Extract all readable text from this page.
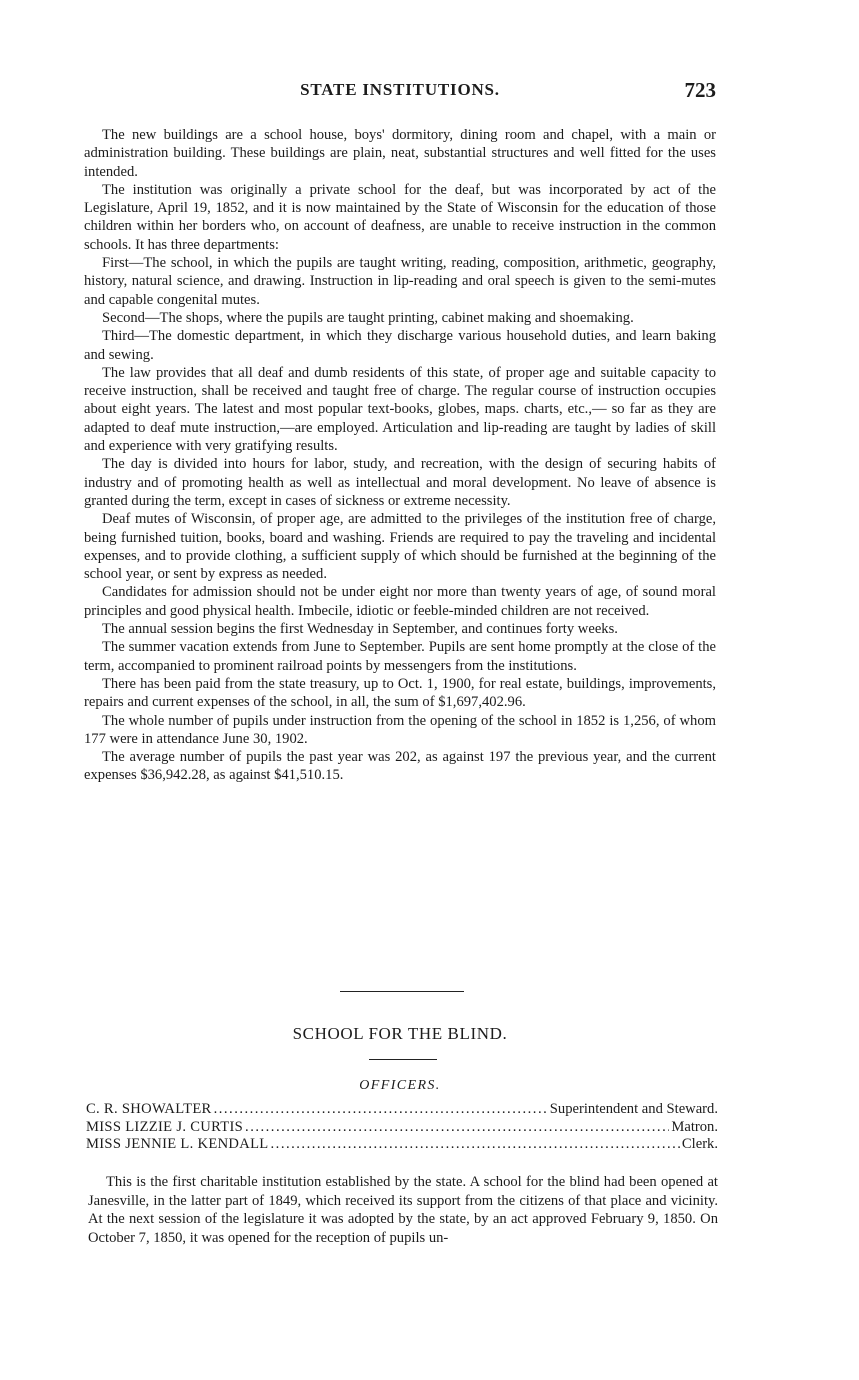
STATE INSTITUTIONS.	723

The new buildings are a school house, boys' dormitory, dining room and chapel, with a main or administration building. These buildings are plain, neat, substantial structures and well fitted for the uses intended.

The institution was originally a private school for the deaf, but was incorporated by act of the Legislature, April 19, 1852, and it is now maintained by the State of Wisconsin for the education of those children within her borders who, on account of deafness, are unable to receive instruction in the common schools. It has three departments:

First—The school, in which the pupils are taught writing, reading, composition, arithmetic, geography, history, natural science, and drawing. Instruction in lip-reading and oral speech is given to the semi-mutes and capable congenital mutes.

Second—The shops, where the pupils are taught printing, cabinet making and shoemaking.

Third—The domestic department, in which they discharge various household duties, and learn baking and sewing.

The law provides that all deaf and dumb residents of this state, of proper age and suitable capacity to receive instruction, shall be received and taught free of charge. The regular course of instruction occupies about eight years. The latest and most popular text-books, globes, maps. charts, etc.,— so far as they are adapted to deaf mute instruction,—are employed. Articulation and lip-reading are taught by ladies of skill and experience with very gratifying results.

The day is divided into hours for labor, study, and recreation, with the design of securing habits of industry and of promoting health as well as intellectual and moral development. No leave of absence is granted during the term, except in cases of sickness or extreme necessity.

Deaf mutes of Wisconsin, of proper age, are admitted to the privileges of the institution free of charge, being furnished tuition, books, board and washing. Friends are required to pay the traveling and incidental expenses, and to provide clothing, a sufficient supply of which should be furnished at the beginning of the school year, or sent by express as needed.

Candidates for admission should not be under eight nor more than twenty years of age, of sound moral principles and good physical health. Imbecile, idiotic or feeble-minded children are not received.

The annual session begins the first Wednesday in September, and continues forty weeks.

The summer vacation extends from June to September. Pupils are sent home promptly at the close of the term, accompanied to prominent railroad points by messengers from the institutions.

There has been paid from the state treasury, up to Oct. 1, 1900, for real estate, buildings, improvements, repairs and current expenses of the school, in all, the sum of $1,697,402.96.

The whole number of pupils under instruction from the opening of the school in 1852 is 1,256, of whom 177 were in attendance June 30, 1902.

The average number of pupils the past year was 202, as against 197 the previous year, and the current expenses $36,942.28, as against $41,510.15.

SCHOOL FOR THE BLIND.
OFFICERS.
C. R. SHOWALTER .....	Superintendent and Steward.
MISS LIZZIE J. CURTIS .....	Matron.
MISS JENNIE L. KENDALL .....	Clerk.

This is the first charitable institution established by the state. A school for the blind had been opened at Janesville, in the latter part of 1849, which received its support from the citizens of that place and vicinity. At the next session of the legislature it was adopted by the state, by an act approved February 9, 1850. On October 7, 1850, it was opened for the reception of pupils un-
